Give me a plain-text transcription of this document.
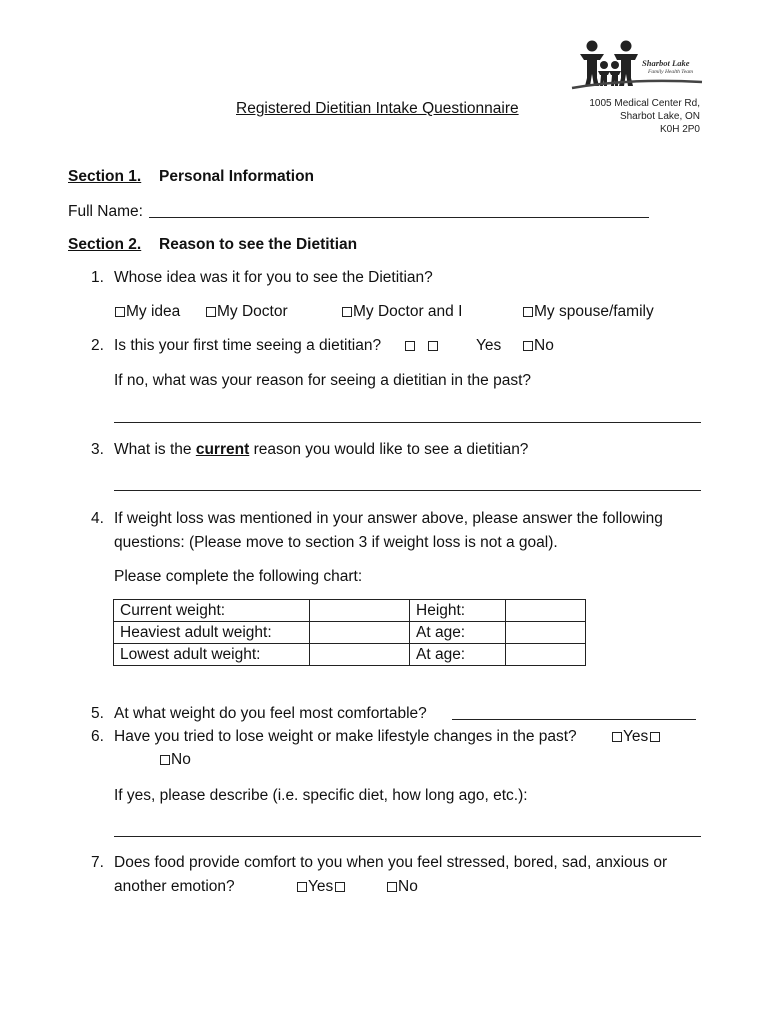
Sharbot Lake
Family Health Team
1005 Medical Center Rd,
Sharbot Lake, ON
K0H 2P0
Registered Dietitian Intake Questionnaire
Section 1. Personal Information
Full Name:
Section 2. Reason to see the Dietitian
1. Whose idea was it for you to see the Dietitian?
My idea	My Doctor	My Doctor and I	My spouse/family
2. Is this your first time seeing a dietitian?	Yes	No
If no, what was your reason for seeing a dietitian in the past?
3. What is the current reason you would like to see a dietitian?
4. If weight loss was mentioned in your answer above, please answer the following
questions: (Please move to section 3 if weight loss is not a goal).
Please complete the following chart:
Current weight:		Height:	
Heaviest adult weight:		At age:	
Lowest adult weight:		At age:	
5. At what weight do you feel most comfortable?
6. Have you tried to lose weight or make lifestyle changes in the past?	Yes
No
If yes, please describe (i.e. specific diet, how long ago, etc.):
7. Does food provide comfort to you when you feel stressed, bored, sad, anxious or
another emotion?	Yes	No
